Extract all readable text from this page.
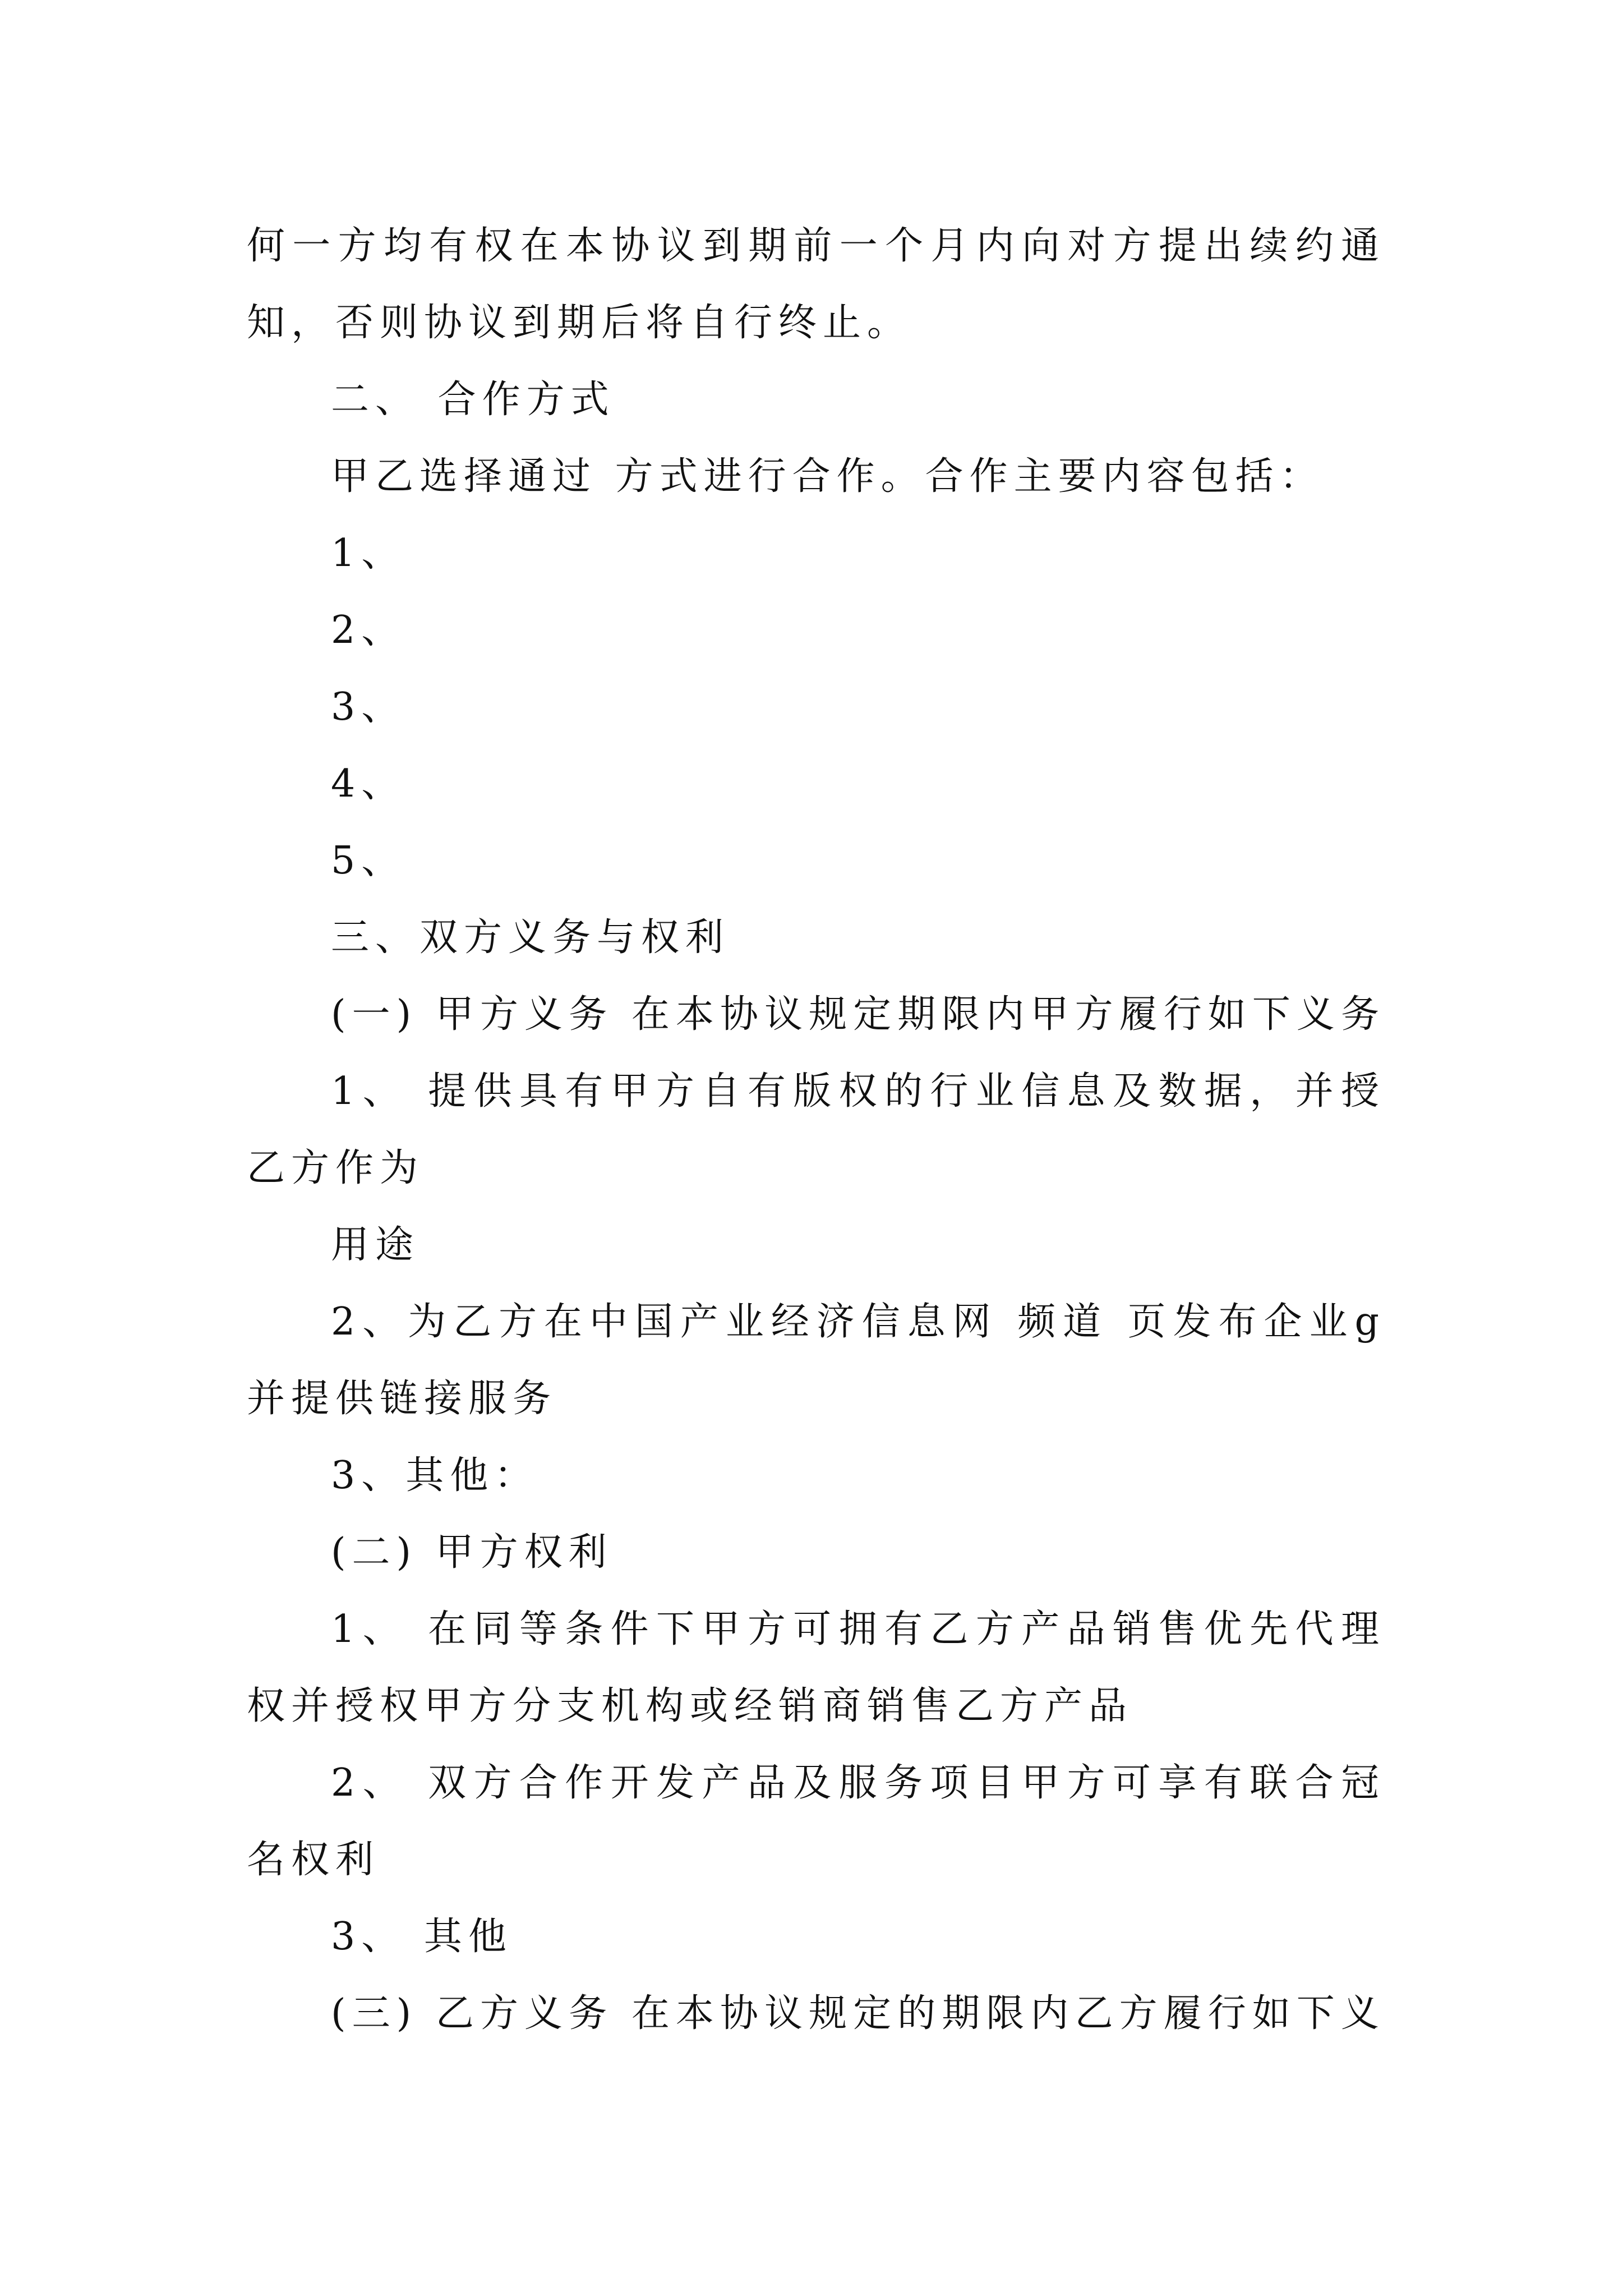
何一方均有权在本协议到期前一个月内向对方提出续约通
知，否则协议到期后将自行终止。
二、 合作方式
甲乙选择通过 方式进行合作。合作主要内容包括：
1、
2、
3、
4、
5、
三、双方义务与权利
(一) 甲方义务 在本协议规定期限内甲方履行如下义务
1、 提供具有甲方自有版权的行业信息及数据，并授
乙方作为
用途
2、为乙方在中国产业经济信息网 频道 页发布企业g
并提供链接服务
3、其他：
(二) 甲方权利
1、 在同等条件下甲方可拥有乙方产品销售优先代理
权并授权甲方分支机构或经销商销售乙方产品
2、 双方合作开发产品及服务项目甲方可享有联合冠
名权利
3、 其他
(三) 乙方义务 在本协议规定的期限内乙方履行如下义
